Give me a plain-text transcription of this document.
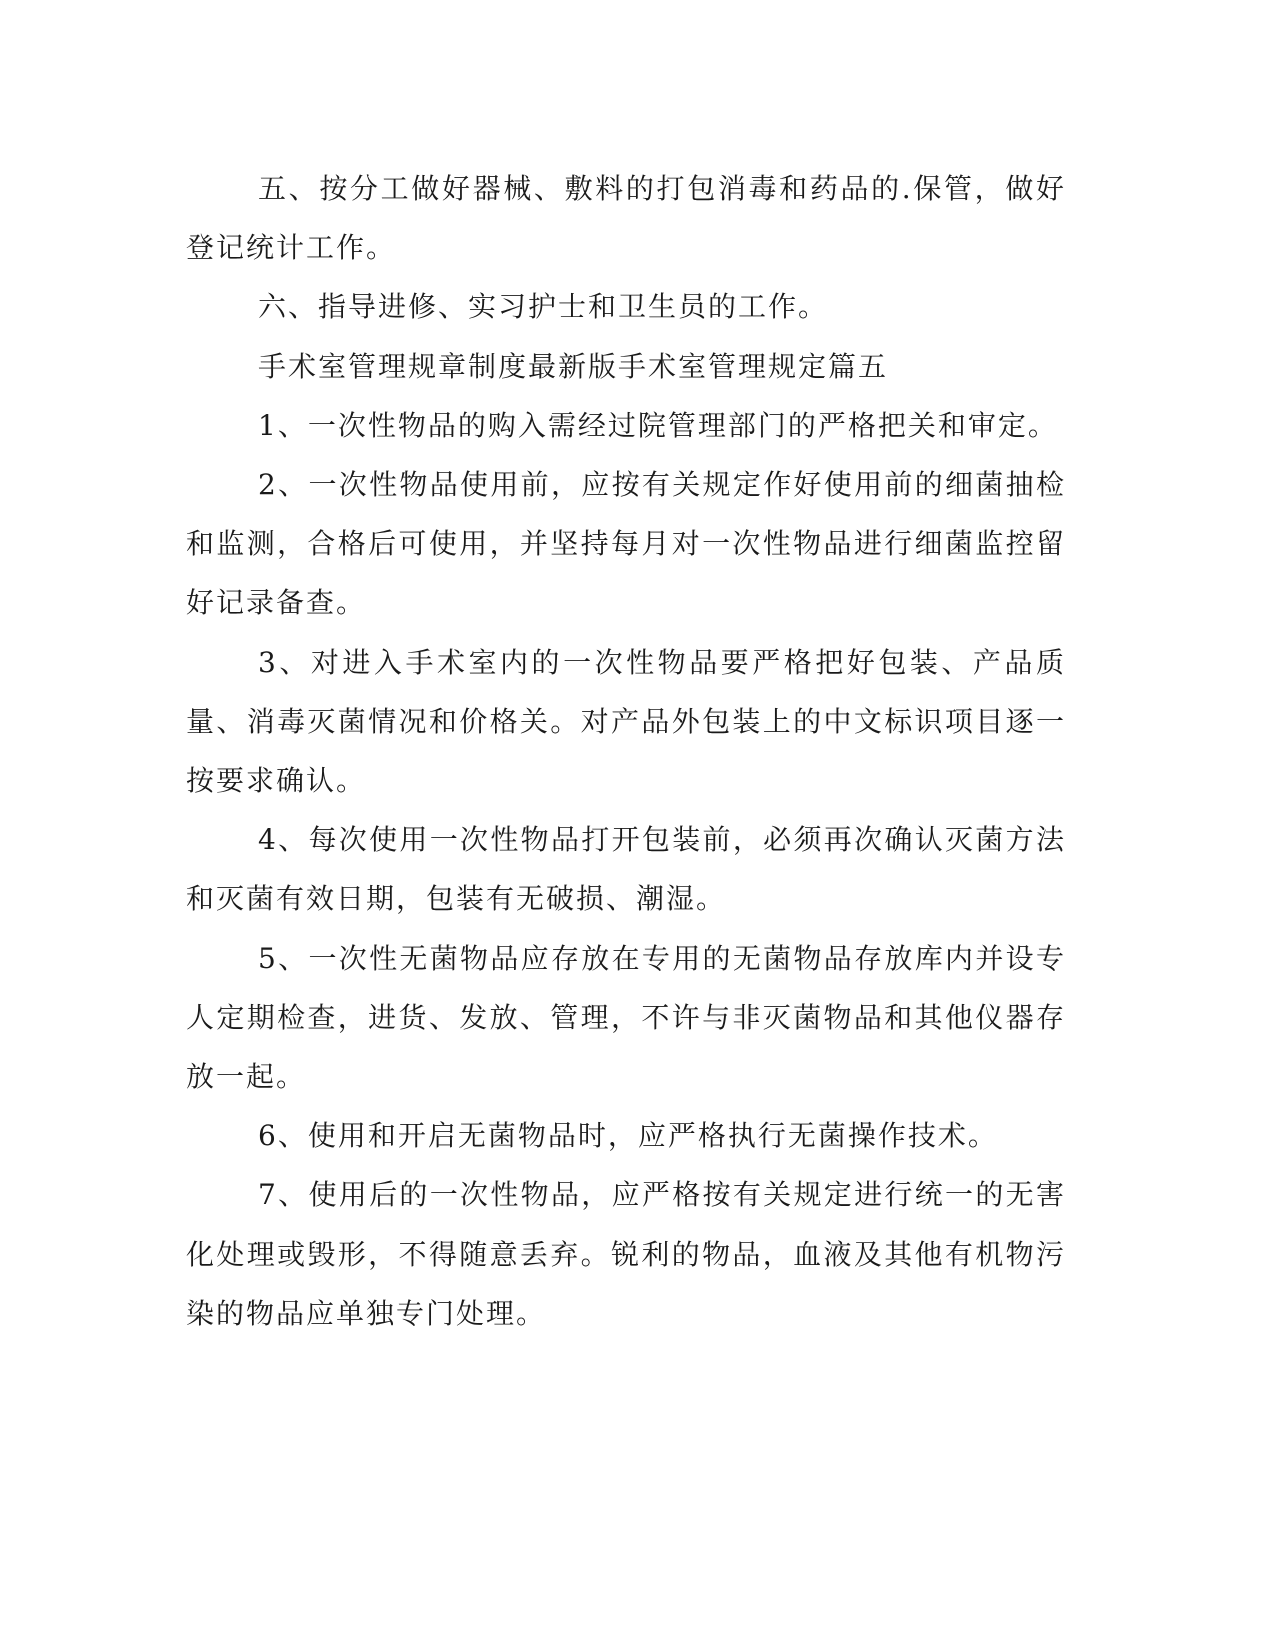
五、按分工做好器械、敷料的打包消毒和药品的.保管，做好登记统计工作。

六、指导进修、实习护士和卫生员的工作。

手术室管理规章制度最新版手术室管理规定篇五

1、一次性物品的购入需经过院管理部门的严格把关和审定。

2、一次性物品使用前，应按有关规定作好使用前的细菌抽检和监测，合格后可使用，并坚持每月对一次性物品进行细菌监控留好记录备查。

3、对进入手术室内的一次性物品要严格把好包装、产品质量、消毒灭菌情况和价格关。对产品外包装上的中文标识项目逐一按要求确认。

4、每次使用一次性物品打开包装前，必须再次确认灭菌方法和灭菌有效日期，包装有无破损、潮湿。

5、一次性无菌物品应存放在专用的无菌物品存放库内并设专人定期检查，进货、发放、管理，不许与非灭菌物品和其他仪器存放一起。

6、使用和开启无菌物品时，应严格执行无菌操作技术。

7、使用后的一次性物品，应严格按有关规定进行统一的无害化处理或毁形，不得随意丢弃。锐利的物品，血液及其他有机物污染的物品应单独专门处理。
